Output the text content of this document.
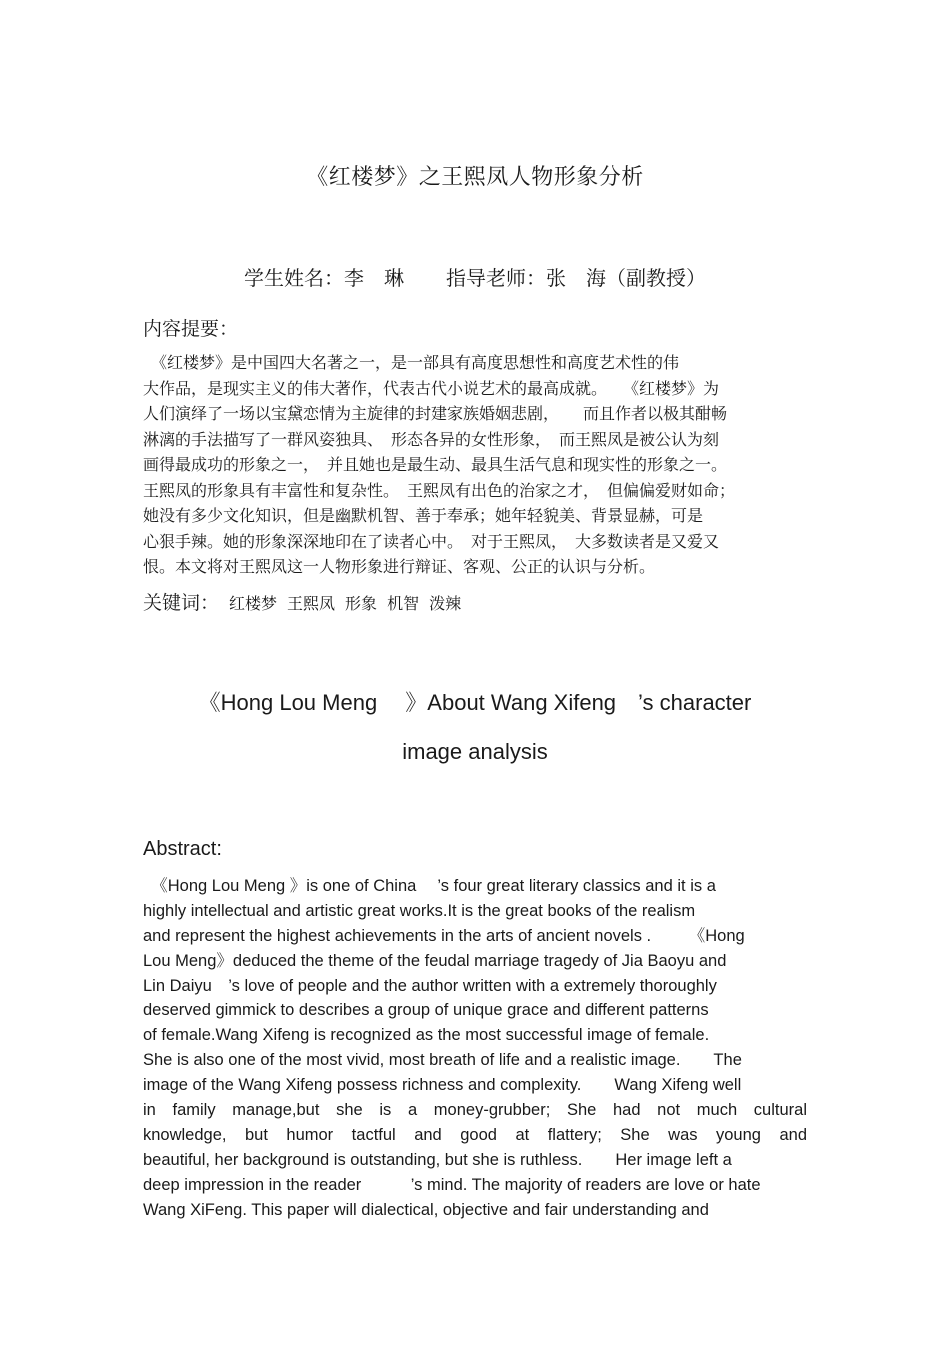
《红楼梦》之王熙凤人物形象分析
学生姓名：李　琳 指导老师：张　海（副教授）
内容提要：
　《红楼梦》是中国四大名著之一，是一部具有高度思想性和高度艺术性的伟
大作品，是现实主义的伟大著作，代表古代小说艺术的最高成就。　　《红楼梦》为
人们演绎了一场以宝黛恋情为主旋律的封建家族婚姻悲剧，　　而且作者以极其酣畅
淋漓的手法描写了一群风姿独具、　形态各异的女性形象，　而王熙凤是被公认为刻
画得最成功的形象之一，　并且她也是最生动、最具生活气息和现实性的形象之一。
王熙凤的形象具有丰富性和复杂性。　王熙凤有出色的治家之才，　但偏偏爱财如命；
她没有多少文化知识，但是幽默机智、善于奉承；她年轻貌美、背景显赫，可是
心狠手辣。她的形象深深地印在了读者心中。　对于王熙凤，　大多数读者是又爱又
恨。本文将对王熙凤这一人物形象进行辩证、客观、公正的认识与分析。
关键词： 红楼梦 王熙凤 形象 机智 泼辣
《Hong Lou Meng　 》About Wang Xifeng　’s character
image analysis
Abstract:
　《Hong Lou Meng 》is one of China　 ’s four great literary classics and it is a
highly intellectual and artistic great works.It is the great books of the realism
and represent the highest achievements in the arts of ancient novels .　　 《Hong
Lou Meng》deduced the theme of the feudal marriage tragedy of Jia Baoyu and
Lin Daiyu　’s love of people and the author written with a extremely thoroughly
deserved gimmick to describes a group of unique grace and different patterns
of female.Wang Xifeng is recognized as the most successful image of female.
She is also one of the most vivid, most breath of life and a realistic image.　　The
image of the Wang Xifeng possess richness and complexity.　　Wang Xifeng well
in family manage,but she is a money-grubber; She had not much cultural
knowledge, but humor tactful and good at flattery; She was young and
beautiful, her background is outstanding, but she is ruthless.　　Her image left a
deep impression in the reader　　　’s mind. The majority of readers are love or hate
Wang XiFeng. This paper will dialectical, objective and fair understanding and
